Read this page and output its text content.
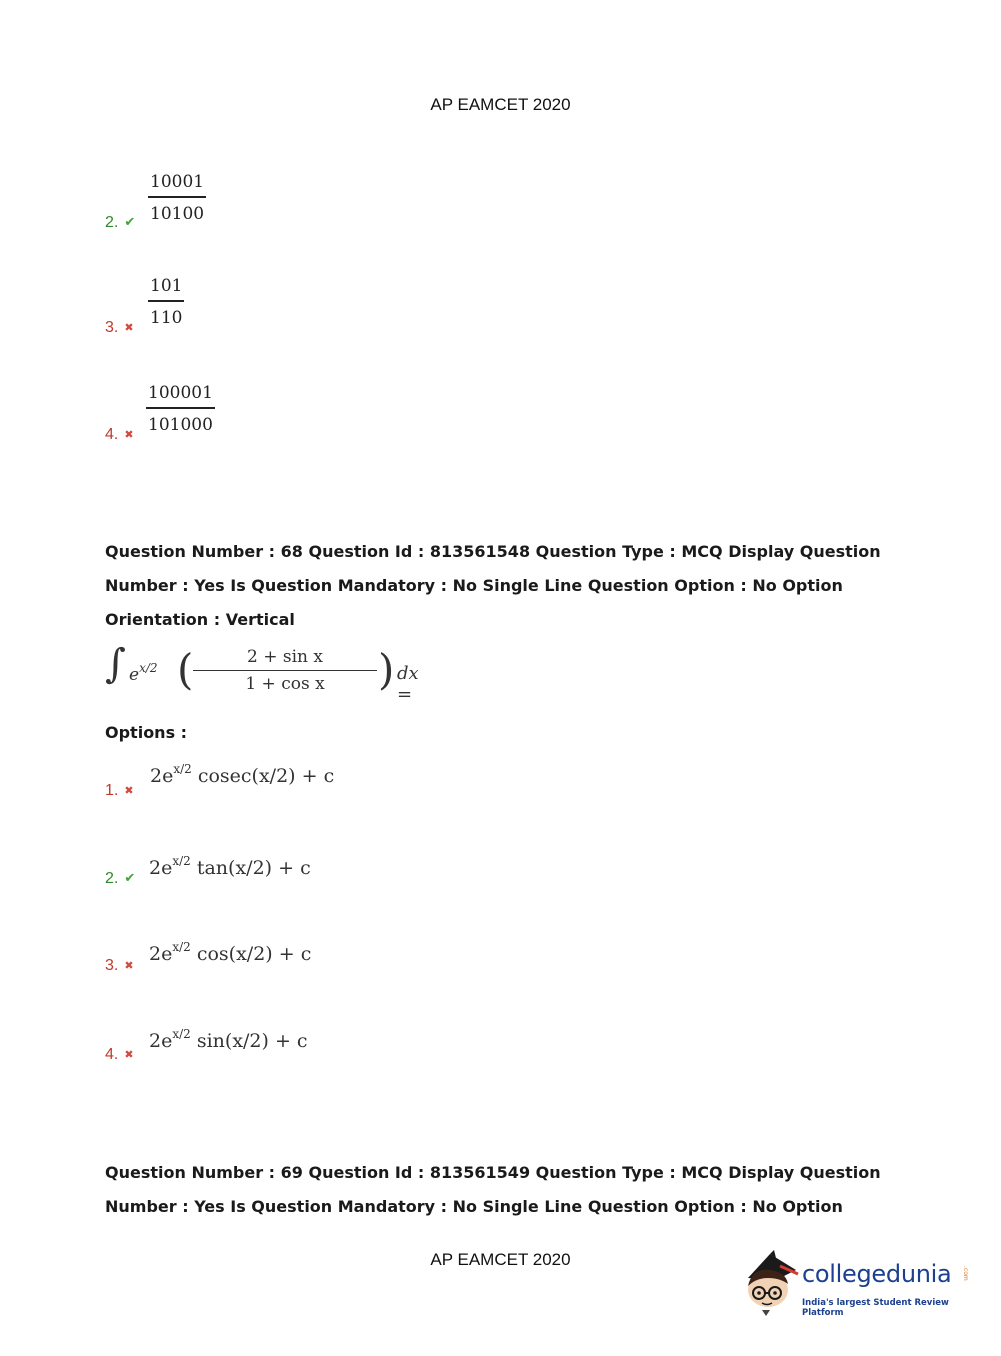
AP EAMCET 2020
2. ✔ $\frac{10001}{10100}$
3. ✖ $\frac{101}{110}$
4. ✖ $\frac{100001}{101000}$
Question Number : 68 Question Id : 813561548 Question Type : MCQ Display Question Number : Yes Is Question Mandatory : No Single Line Question Option : No Option Orientation : Vertical
∫ $e^{x/2}$ ( $\frac{\text{2 + sin x}}{\text{1 + cos x}}$ ) dx =
Options :
1. ✖
$2e^{x/2}$ cosec(x/2) + c
2. ✔ $2e^{x/2}$ tan(x/2) + c
3. ✖
$2e^{x/2}$ cos(x/2) + c
4. ✖
$2e^{x/2}$ sin(x/2) + c
Question Number : 69 Question Id : 813561549 Question Type : MCQ Display Question Number : Yes Is Question Mandatory : No Single Line Question Option : No Option
AP EAMCET 2020
collegedunia .com
India's largest Student Review Platform
